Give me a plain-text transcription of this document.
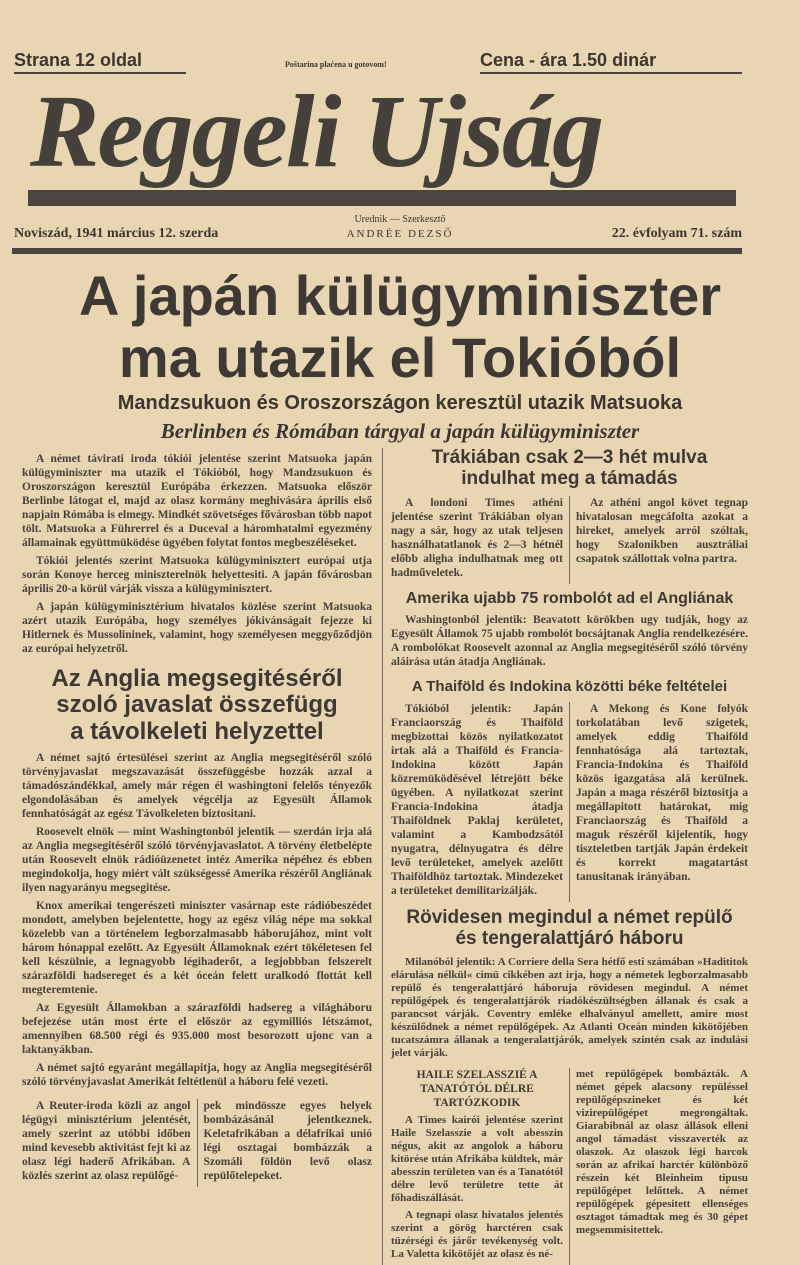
Strana 12 oldal	Poštarina plaćena u gotovom!	Cena - ára 1.50 dinár
Reggeli Ujság
Noviszád, 1941 március 12. szerda
Urednik — Szerkesztő
ANDRÉE DEZSŐ	22. évfolyam 71. szám
A japán külügyminiszter
ma utazik el Tokióból
Mandzsukuon és Oroszországon keresztül utazik Matsuoka
Berlinben és Rómában tárgyal a japán külügyminiszter

A német távirati iroda tókiói jelentése szerint Matsuoka japán külügyminiszter ma utazik el Tókióból, hogy Mandzsukuon és Oroszországon keresztül Európába érkezzen. Matsuoka először Berlinbe látogat el, majd az olasz kormány meghivására április első napjain Rómába is elmegy. Mindkét szövetséges fővárosban több napot tölt. Matsuoka a Führerrel és a Duceval a háromhatalmi egyezmény államainak együttmüködése ügyében folytat fontos megbeszéléseket.

Tókiói jelentés szerint Matsuoka külügyminisztert európai utja során Konoye herceg miniszterelnök helyettesiti. A japán fővárosban április 20-a körül várják vissza a külügyminisztert.

A japán külügyminisztérium hivatalos közlése szerint Matsuoka azért utazik Európába, hogy személyes jókivánságait fejezze ki Hitlernek és Mussolininek, valamint, hogy személyesen meggyőződjön az európai helyzetről.

Az Anglia megsegitéséről
szoló javaslat összefügg
a távolkeleti helyzettel

A német sajtó értesülései szerint az Anglia megsegitéséről szóló törvényjavaslat megszavazását összefüggésbe hozzák azzal a támadószándékkal, amely már régen él washingtoni felelős tényezők elgondolásában és amelyek végcélja az Egyesült Államok fennhatóságát az egész Távolkeleten biztositani.

Roosevelt elnök — mint Washingtonból jelentik — szerdán irja alá az Anglia megsegitéséről szóló törvényjavaslatot. A törvény életbelépte után Roosevelt elnök rádióüzenetet intéz Amerika népéhez és ebben megindokolja, hogy miért vált szükségessé Amerika részéről Angliának ilyen nagyarányu megsegitése.

Knox amerikai tengerészeti miniszter vasárnap este rádióbeszédet mondott, amelyben bejelentette, hogy az egész világ népe ma sokkal közelebb van a történelem legborzalmasabb háborujához, mint volt három hónappal ezelőtt. Az Egyesült Államoknak ezért tökéletesen fel kell készülnie, a legnagyobb légihaderőt, a legjobbban felszerelt szárazföldi hadsereget és a két óceán felett uralkodó flottát kell megteremtenie.

Az Egyesült Államokban a szárazföldi hadsereg a világháboru befejezése után most érte el először az egymilliós létszámot, amennyiben 68.500 régi és 935.000 most besorozott ujonc van a laktanyákban.

A német sajtó egyaránt megállapitja, hogy az Anglia megsegitéséről szóló törvényjavaslat Amerikát feltétlenül a háboru felé vezeti.

A Reuter-iroda közli az angol légügyi minisztérium jelentését, amely szerint az utóbbi időben mind kevesebb aktivitást fejt ki az olasz légi haderő Afrikában. A közlés szerint az olasz repülőgé-

pek mindössze egyes helyek bombázásánál jelentkeznek. Keletafrikában a délafrikai unió légi osztagai bombázzák a Szomáli földön levő olasz repülőtelepeket.

Trákiában csak 2—3 hét mulva
indulhat meg a támadás

A londoni Times athéni jelentése szerint Trákiában olyan nagy a sár, hogy az utak teljesen használhatatlanok és 2—3 hétnél előbb aligha indulhatnak meg ott hadműveletek.

Az athéni angol követ tegnap hivatalosan megcáfolta azokat a hireket, amelyek arról szóltak, hogy Szalonikben ausztráliai csapatok szállottak volna partra.

Amerika ujabb 75 rombolót ad el Angliának

Washingtonból jelentik: Beavatott körökben ugy tudják, hogy az Egyesült Államok 75 ujabb rombolót bocsájtanak Anglia rendelkezésére. A rombolókat Roosevelt azonnal az Anglia megsegitéséről szóló törvény aláirása után átadja Angliának.

A Thaiföld és Indokina közötti béke feltételei

Tókióból jelentik: Japán Franciaország és Thaiföld megbizottai közös nyilatkozatot irtak alá a Thaiföld és Francia-Indokina között Japán közremüködésével létrejött béke ügyében. A nyilatkozat szerint Francia-Indokina átadja Thaiföldnek Paklaj kerületet, valamint a Kambodzsától nyugatra, délnyugatra és délre levő területeket, amelyek azelőtt Thaiföldhöz tartoztak. Mindezeket a területeket demilitarizálják.

A Mekong és Kone folyók torkolatában levő szigetek, amelyek eddig Thaiföld fennhatósága alá tartoztak, Francia-Indokina és Thaiföld közös igazgatása alá kerülnek. Japán a maga részéről biztositja a megállapitott határokat, mig Franciaország és Thaiföld a maguk részéről kijelentik, hogy tiszteletben tartják Japán érdekeit és korrekt magatartást tanusitanak irányában.

Rövidesen megindul a német repülő
és tengeralattjáró háboru

Milanóból jelentik: A Corriere della Sera hétfő esti számában »Hadititok elárulása nélkül« cimü cikkében azt irja, hogy a németek legborzalmasabb repülő és tengeralattjáró háboruja rövidesen megindul. A német repülőgépek és tengeralattjárók riadókészültségben állanak és csak a parancsot várják. Coventry emléke elhalványul amellett, amire most készülődnek a német repülőgépek. Az Atlanti Oceán minden kikötőjében tucatszámra állanak a tengeralattjárók, amelyek szintén csak az indulási jelet várják.

HAILE SZELASSZIÉ A TANATÓTÓL DÉLRE TARTÓZKODIK

A Times kairói jelentése szerint Haile Szelasszie a volt abesszin négus, akit az angolok a háboru kitörése után Afrikába küldtek, már abesszin területen van és a Tanatótól délre levő területre tette át főhadiszállását.

A tegnapi olasz hivatalos jelentés szerint a görög harctéren csak tüzérségi és járőr tevékenység volt. La Valetta kikötőjét az olasz és né-

met repülőgépek bombázták. A német gépek alacsony repüléssel repülőgépszineket és két vizirepülőgépet megrongáltak. Giarabibnál az olasz állások elleni angol támadást visszaverték az olaszok. Az olaszok légi harcok során az afrikai harctér különböző részein két Bleinheim tipusu repülőgépet lelőttek. A német repülőgépek gépesitett ellenséges osztagot támadtak meg és 30 gépet megsemmisitettek.
